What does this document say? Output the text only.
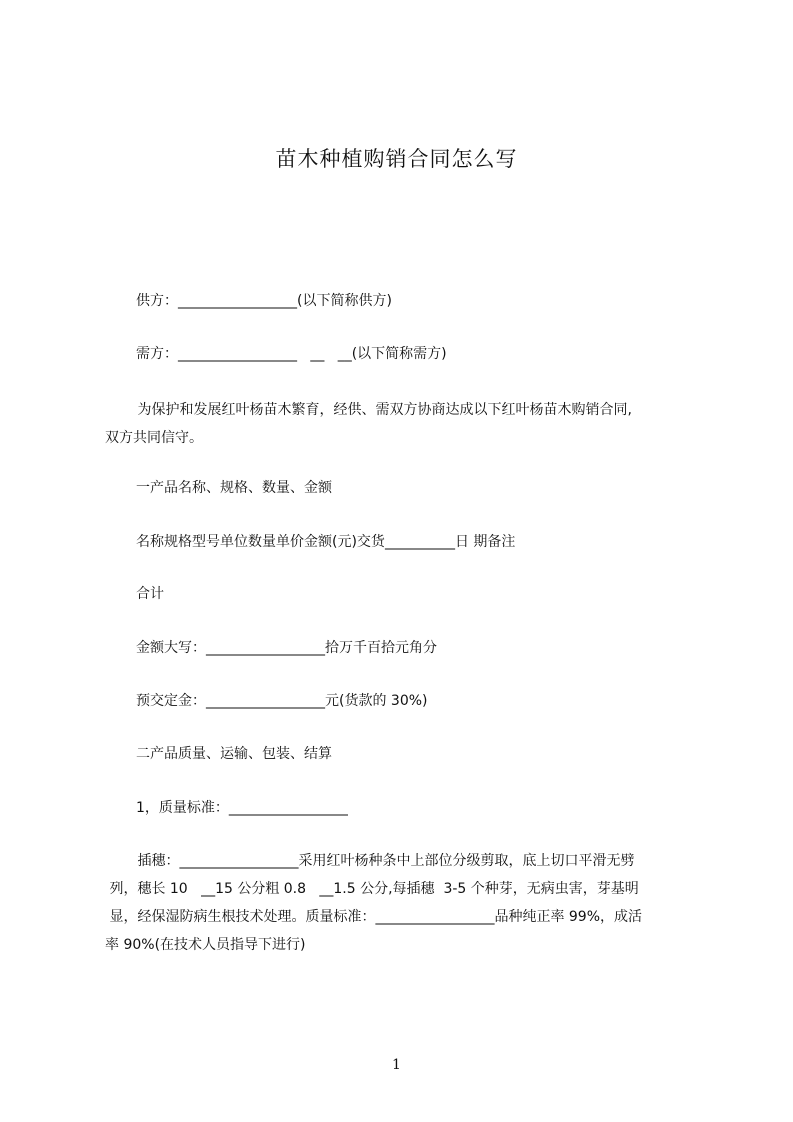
苗木种植购销合同怎么写
供方：_________________(以下简称供方)
需方：_________________   __   __(以下简称需方)
为保护和发展红叶杨苗木繁育，经供、需双方协商达成以下红叶杨苗木购销合同,
双方共同信守。
一产品名称、规格、数量、金额
名称规格型号单位数量单价金额(元)交货__________日 期备注
合计
金额大写：_________________拾万千百拾元角分
预交定金：_________________元(货款的 30%)
二产品质量、运输、包装、结算
1，质量标准：_________________
插穗：_________________采用红叶杨种条中上部位分级剪取，底上切口平滑无劈
列，穗长 10   __15 公分粗 0.8   __1.5 公分,每插穗  3-5 个种芽，无病虫害，芽基明
显，经保湿防病生根技术处理。质量标准：_________________品种纯正率 99%，成活
率 90%(在技术人员指导下进行)
1
